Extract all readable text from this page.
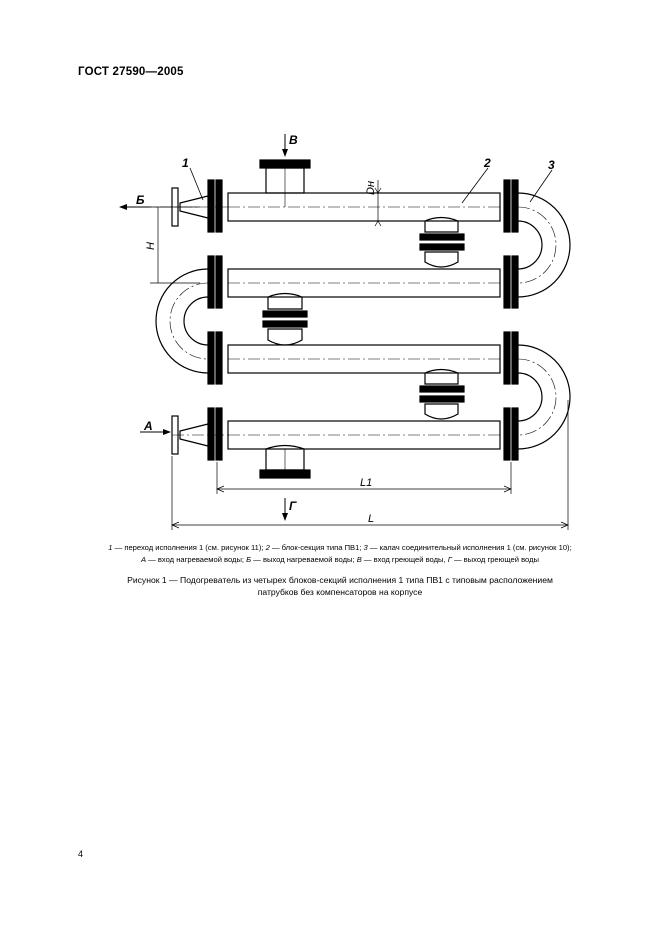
ГОСТ 27590—2005
1	2	3
В
Г
Б
А
H
Dн
L1
L
1 — переход исполнения 1 (см. рисунок 11); 2 — блок-секция типа ПВ1; 3 — калач соединительный исполнения 1 (см. рисунок 10);
А — вход нагреваемой воды; Б — выход нагреваемой воды; В — вход греющей воды, Г — выход греющей воды
Рисунок 1 — Подогреватель из четырех блоков-секций исполнения 1 типа ПВ1 с типовым расположением
патрубков без компенсаторов на корпусе
4
